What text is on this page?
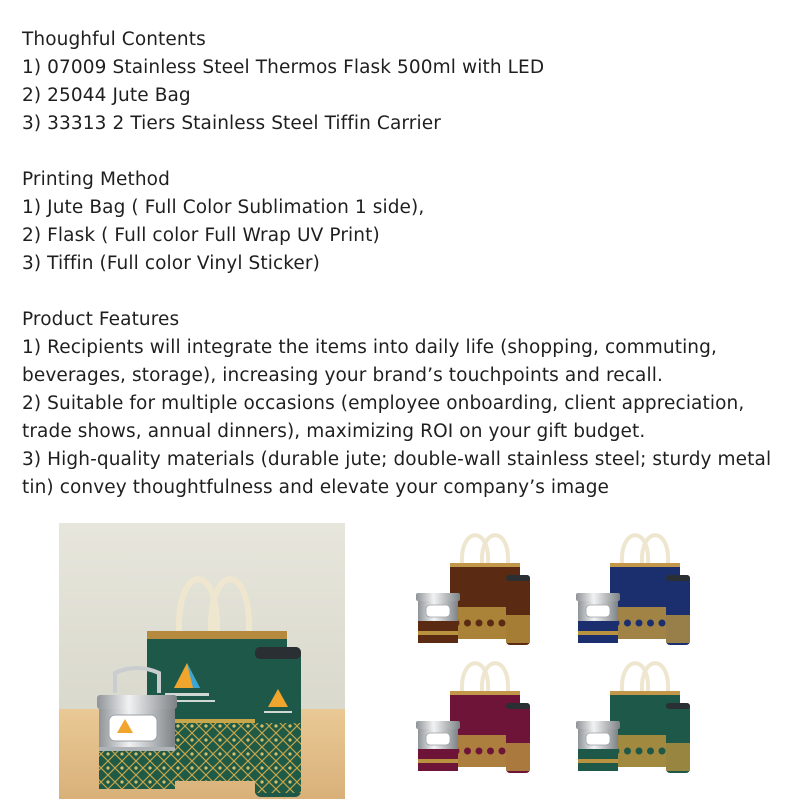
Thoughful Contents
1) 07009 Stainless Steel Thermos Flask 500ml with LED
2) 25044 Jute Bag
3) 33313 2 Tiers Stainless Steel Tiffin Carrier
Printing Method
1) Jute Bag ( Full Color Sublimation 1 side),
2) Flask ( Full color Full Wrap UV Print)
3) Tiffin (Full color Vinyl Sticker)
Product Features
1) Recipients will integrate the items into daily life (shopping, commuting, beverages, storage), increasing your brand’s touchpoints and recall.
2) Suitable for multiple occasions (employee onboarding, client appreciation, trade shows, annual dinners), maximizing ROI on your gift budget.
3) High-quality materials (durable jute; double-wall stainless steel; sturdy metal tin) convey thoughtfulness and elevate your company’s image
